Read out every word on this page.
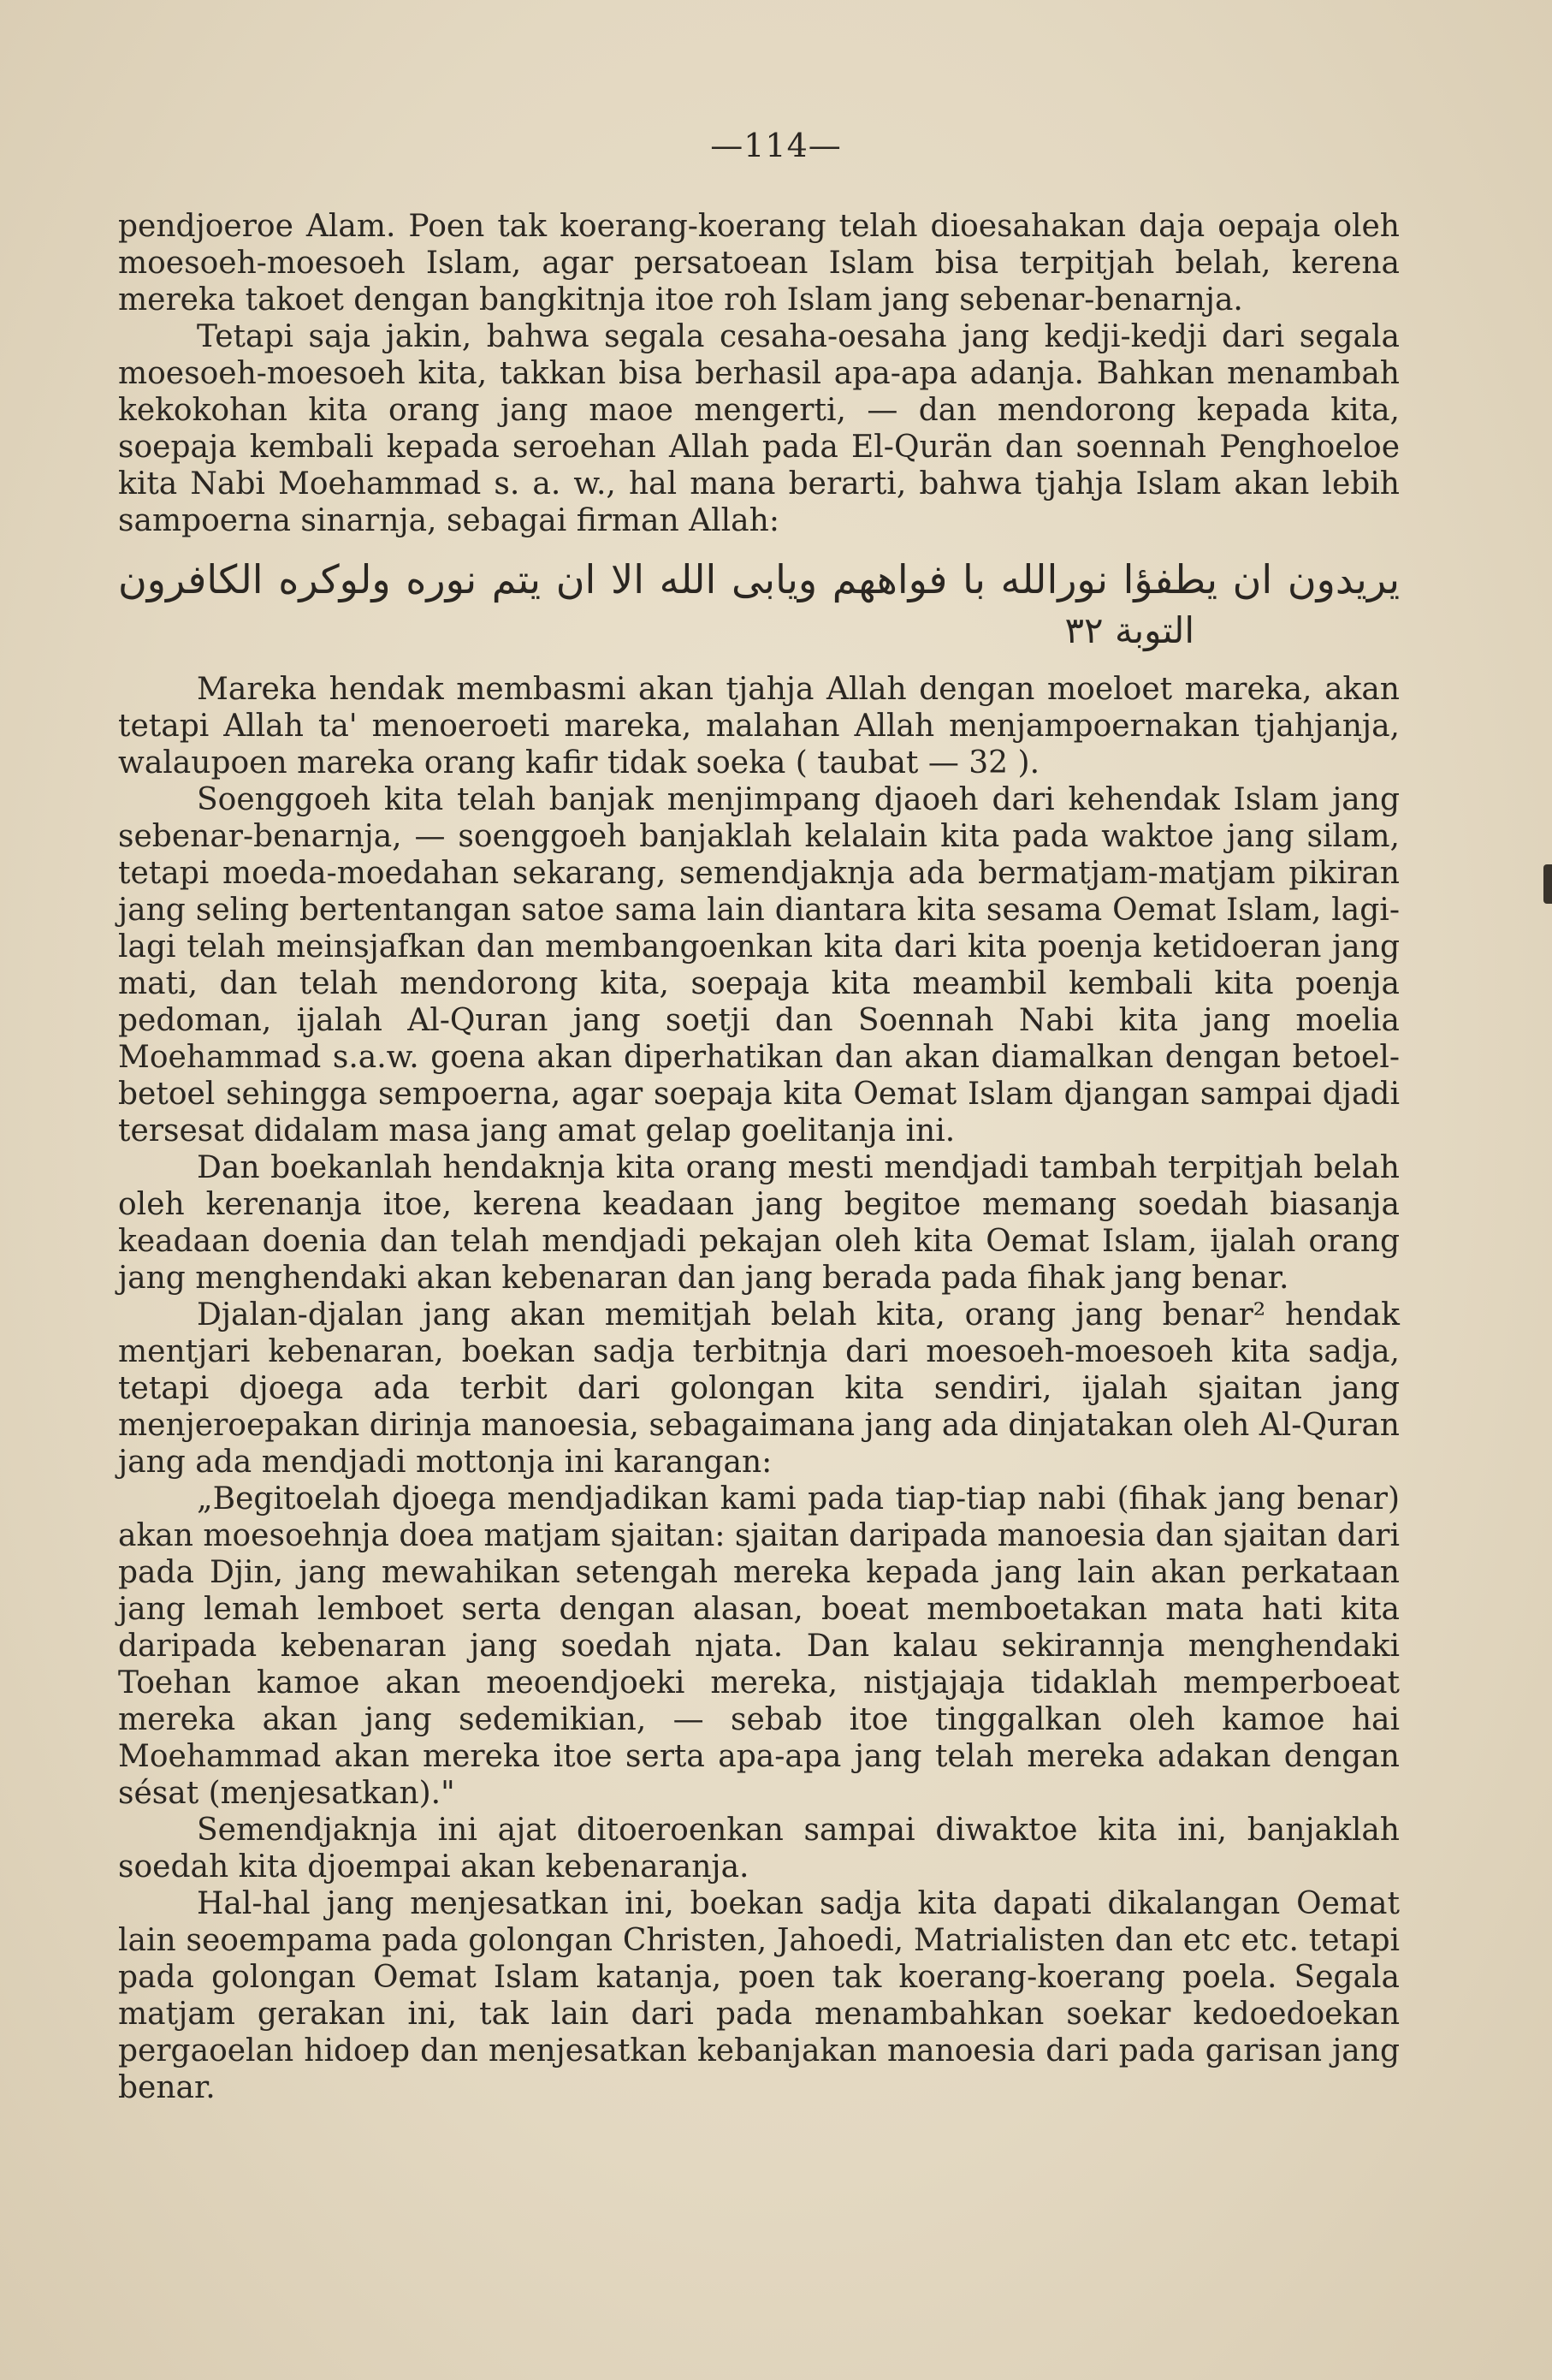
—114—

pendjoeroe Alam. Poen tak koerang-koerang telah dioesahakan daja oepaja oleh moesoeh-moesoeh Islam, agar persatoean Islam bisa terpitjah belah, kerena mereka takoet dengan bangkitnja itoe roh Islam jang sebenar-benarnja.

Tetapi saja jakin, bahwa segala cesaha-oesaha jang kedji-kedji dari segala moesoeh-moesoeh kita, takkan bisa berhasil apa-apa adanja. Bahkan menambah kekokohan kita orang jang maoe mengerti, — dan mendorong kepada kita, soepaja kembali kepada seroehan Allah pada El-Qurän dan soennah Penghoeloe kita Nabi Moehammad s. a. w., hal mana berarti, bahwa tjahja Islam akan lebih sampoerna sinarnja, sebagai firman Allah:

يريدون ان يطفؤا نورالله با فواههم ويابى الله الا ان يتم نوره ولوكره الكافرون
التوبة ٣٢

Mareka hendak membasmi akan tjahja Allah dengan moeloet mareka, akan tetapi Allah ta' menoeroeti mareka, malahan Allah menjampoernakan tjahjanja, walaupoen mareka orang kafir tidak soeka ( taubat — 32 ).

Soenggoeh kita telah banjak menjimpang djaoeh dari kehendak Islam jang sebenar-benarnja, — soenggoeh banjaklah kelalain kita pada waktoe jang silam, tetapi moeda-moedahan sekarang, semendjaknja ada bermatjam-matjam pikiran jang seling bertentangan satoe sama lain diantara kita sesama Oemat Islam, lagi-lagi telah meinsjafkan dan membangoenkan kita dari kita poenja ketidoeran jang mati, dan telah mendorong kita, soepaja kita meambil kembali kita poenja pedoman, ijalah Al-Quran jang soetji dan Soennah Nabi kita jang moelia Moehammad s.a.w. goena akan diperhatikan dan akan diamalkan dengan betoel-betoel sehingga sempoerna, agar soepaja kita Oemat Islam djangan sampai djadi tersesat didalam masa jang amat gelap goelitanja ini.

Dan boekanlah hendaknja kita orang mesti mendjadi tambah terpitjah belah oleh kerenanja itoe, kerena keadaan jang begitoe memang soedah biasanja keadaan doenia dan telah mendjadi pekajan oleh kita Oemat Islam, ijalah orang jang menghendaki akan kebenaran dan jang berada pada fihak jang benar.

Djalan-djalan jang akan memitjah belah kita, orang jang benar² hendak mentjari kebenaran, boekan sadja terbitnja dari moesoeh-moesoeh kita sadja, tetapi djoega ada terbit dari golongan kita sendiri, ijalah sjaitan jang menjeroepakan dirinja manoesia, sebagaimana jang ada dinjatakan oleh Al-Quran jang ada mendjadi mottonja ini karangan:

„Begitoelah djoega mendjadikan kami pada tiap-tiap nabi (fihak jang benar) akan moesoehnja doea matjam sjaitan: sjaitan daripada manoesia dan sjaitan dari pada Djin, jang mewahikan setengah mereka kepada jang lain akan perkataan jang lemah lemboet serta dengan alasan, boeat memboetakan mata hati kita daripada kebenaran jang soedah njata. Dan kalau sekirannja menghendaki Toehan kamoe akan meoendjoeki mereka, nistjajaja tidaklah memperboeat mereka akan jang sedemikian, — sebab itoe tinggalkan oleh kamoe hai Moehammad akan mereka itoe serta apa-apa jang telah mereka adakan dengan sésat (menjesatkan)."

Semendjaknja ini ajat ditoeroenkan sampai diwaktoe kita ini, banjaklah soedah kita djoempai akan kebenaranja.

Hal-hal jang menjesatkan ini, boekan sadja kita dapati dikalangan Oemat lain seoempama pada golongan Christen, Jahoedi, Matrialisten dan etc etc. tetapi pada golongan Oemat Islam katanja, poen tak koerang-koerang poela. Segala matjam gerakan ini, tak lain dari pada menambahkan soekar kedoedoekan pergaoelan hidoep dan menjesatkan kebanjakan manoesia dari pada garisan jang benar.
